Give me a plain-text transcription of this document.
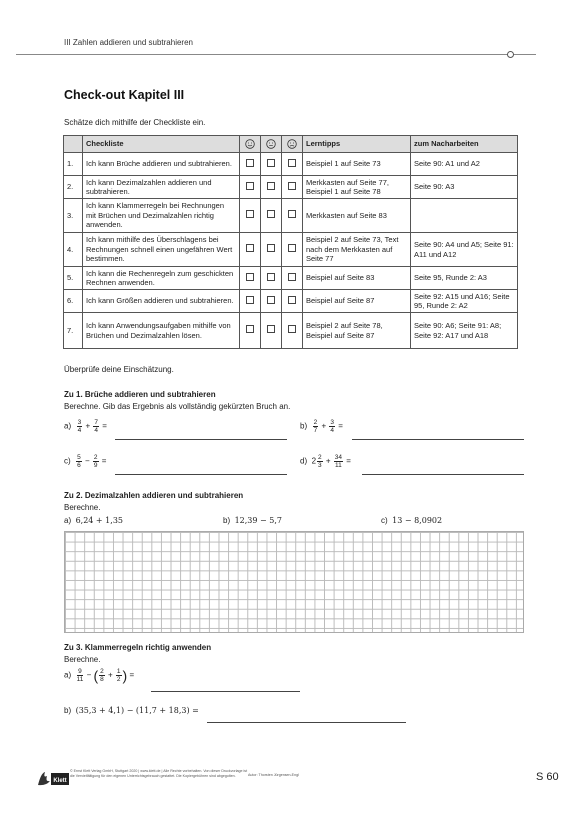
III Zahlen addieren und subtrahieren
Check-out Kapitel III
Schätze dich mithilfe der Checkliste ein.
	Checkliste				Lerntipps	zum Nacharbeiten
1.	Ich kann Brüche addieren und subtrahieren.				Beispiel 1 auf Seite 73	Seite 90: A1 und A2
2.	Ich kann Dezimalzahlen addieren und subtrahieren.				Merkkasten auf Seite 77, Beispiel 1 auf Seite 78	Seite 90: A3
3.	Ich kann Klammerregeln bei Rechnungen mit Brüchen und Dezimalzahlen richtig anwenden.				Merkkasten auf Seite 83	
4.	Ich kann mithilfe des Überschlagens bei Rechnungen schnell einen ungefähren Wert bestimmen.				Beispiel 2 auf Seite 73, Text nach dem Merkkasten auf Seite 77	Seite 90: A4 und A5; Seite 91: A11 und A12
5.	Ich kann die Rechenregeln zum geschickten Rechnen anwenden.				Beispiel auf Seite 83	Seite 95, Runde 2: A3
6.	Ich kann Größen addieren und subtrahieren.				Beispiel auf Seite 87	Seite 92: A15 und A16; Seite 95, Runde 2: A2
7.	Ich kann Anwendungsaufgaben mithilfe von Brüchen und Dezimalzahlen lösen.				Beispiel 2 auf Seite 78, Beispiel auf Seite 87	Seite 90: A6; Seite 91: A8; Seite 92: A17 und A18
Überprüfe deine Einschätzung.
Zu 1. Brüche addieren und subtrahieren
Berechne. Gib das Ergebnis als vollständig gekürzten Bruch an.
$a) \frac{3}{4} + \frac{7}{4}$ =	$b) \frac{2}{7} + \frac{3}{4}$ =
$c) \frac{5}{6} - \frac{2}{9}$ =	d) $2 \frac{2}{3} + \frac{34}{11}$ =
Zu 2. Dezimalzahlen addieren und subtrahieren
Berechne.
a) 6,24 + 1,35	b) 12,39 − 5,7	c) 13 − 8,0902
Zu 3. Klammerregeln richtig anwenden
Berechne.
$a) \frac{9}{11}$ − ( $\frac{2}{8} + \frac{1}{2}$ ) =
b) (35,3 + 4,1) − (11,7 + 18,3) =
Klett
© Ernst Klett Verlag GmbH, Stuttgart 2020 | www.klett.de | Alle Rechte vorbehalten. Von dieser Druckvorlage ist die Vervielfältigung für den eigenen Unterrichtsgebrauch gestattet. Die Kopiergebühren sind abgegolten.	Autor: Thorsten Jürgensen-Engl	S 60
